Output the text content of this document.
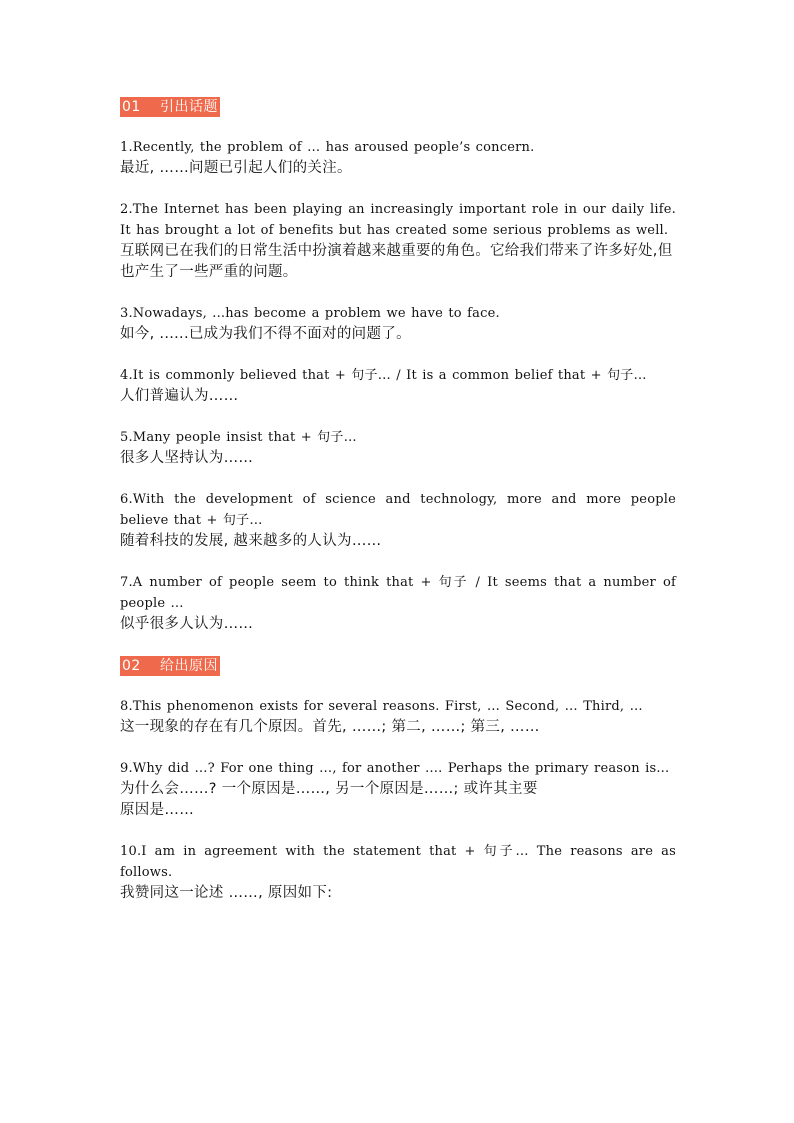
01 引出话题
1.Recently, the problem of … has aroused people’s concern.
最近, ……问题已引起人们的关注。
2.The Internet has been playing an increasingly important role in our daily life. It has brought a lot of benefits but has created some serious problems as well.
互联网已在我们的日常生活中扮演着越来越重要的角色。它给我们带来了许多好处,但也产生了一些严重的问题。
3.Nowadays, ...has become a problem we have to face.
如今, ......已成为我们不得不面对的问题了。
4.It is commonly believed that + 句子… / It is a common belief that + 句子…
人们普遍认为……
5.Many people insist that + 句子…
很多人坚持认为……
6.With the development of science and technology, more and more people believe that + 句子…
随着科技的发展, 越来越多的人认为……
7.A number of people seem to think that + 句子 / It seems that a number of people …
似乎很多人认为……
02 给出原因
8.This phenomenon exists for several reasons. First, … Second, … Third, …
这一现象的存在有几个原因。首先, ……; 第二, ……; 第三, ……
9.Why did …? For one thing …, for another …. Perhaps the primary reason is...
为什么会……? 一个原因是……, 另一个原因是……; 或许其主要原因是……
10.I am in agreement with the statement that + 句子… The reasons are as follows.
我赞同这一论述 ……, 原因如下:
